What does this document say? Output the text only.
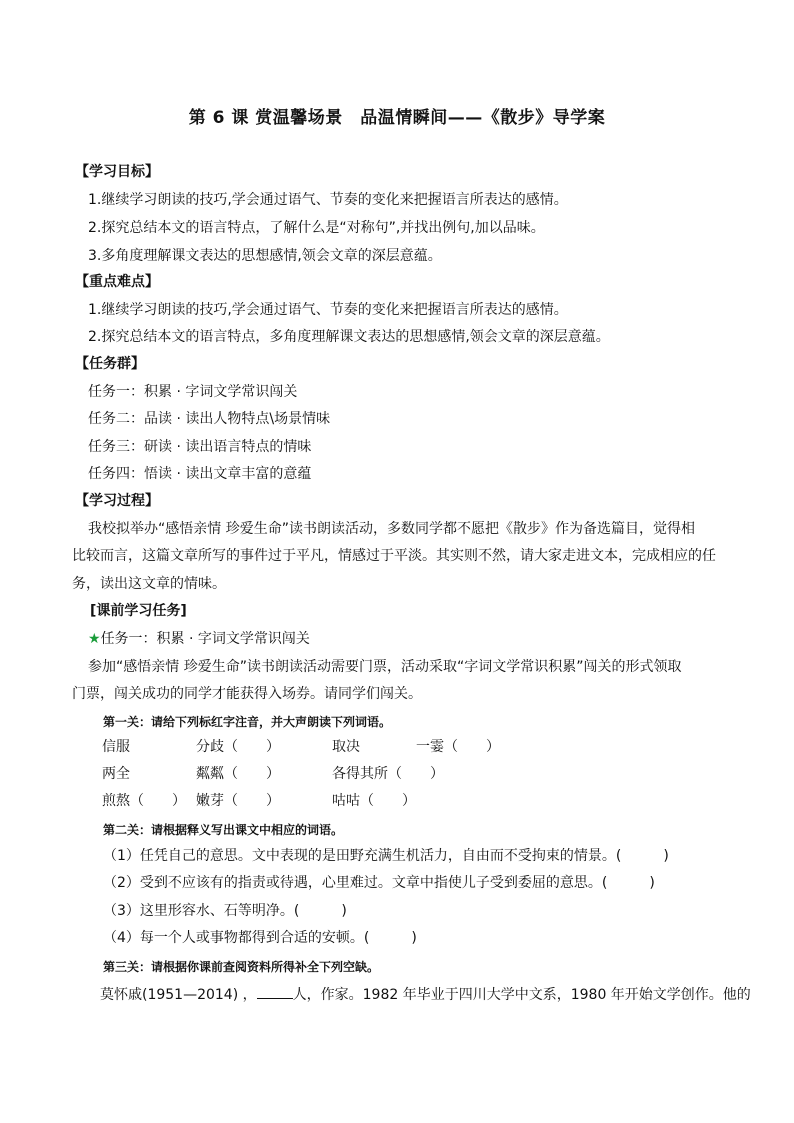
第 6 课 赏温馨场景　品温情瞬间——《散步》导学案
【学习目标】
1.继续学习朗读的技巧,学会通过语气、节奏的变化来把握语言所表达的感情。
2.探究总结本文的语言特点，了解什么是“对称句”,并找出例句,加以品味。
3.多角度理解课文表达的思想感情,领会文章的深层意蕴。
【重点难点】
1.继续学习朗读的技巧,学会通过语气、节奏的变化来把握语言所表达的感情。
2.探究总结本文的语言特点，多角度理解课文表达的思想感情,领会文章的深层意蕴。
【任务群】
任务一：积累 · 字词文学常识闯关
任务二：品读 · 读出人物特点\场景情味
任务三：研读 · 读出语言特点的情味
任务四：悟读 · 读出文章丰富的意蕴
【学习过程】
我校拟举办“感悟亲情 珍爱生命”读书朗读活动，多数同学都不愿把《散步》作为备选篇目，觉得相
比较而言，这篇文章所写的事件过于平凡，情感过于平淡。其实则不然，请大家走进文本，完成相应的任
务，读出这文章的情味。
[课前学习任务]
★任务一：积累 · 字词文学常识闯关
参加“感悟亲情 珍爱生命”读书朗读活动需要门票，活动采取“字词文学常识积累”闯关的形式领取
门票，闯关成功的同学才能获得入场券。请同学们闯关。
第一关：请给下列标红字注音，并大声朗读下列词语。
信服	分歧（　　）	取决	一霎（　　）
两全	粼粼（　　）	各得其所（　　）
煎熬（　　） 嫩芽（　　）	咕咕（　　）
第二关：请根据释义写出课文中相应的词语。
（1）任凭自己的意思。文中表现的是田野充满生机活力，自由而不受拘束的情景。(　　　)
（2）受到不应该有的指责或待遇，心里难过。文章中指使儿子受到委屈的意思。(　　　)
（3）这里形容水、石等明净。(　　　)
（4）每一个人或事物都得到合适的安顿。(　　　)
第三关：请根据你课前查阅资料所得补全下列空缺。
莫怀戚(1951—2014) ，	人，作家。1982 年毕业于四川大学中文系，1980 年开始文学创作。他的
